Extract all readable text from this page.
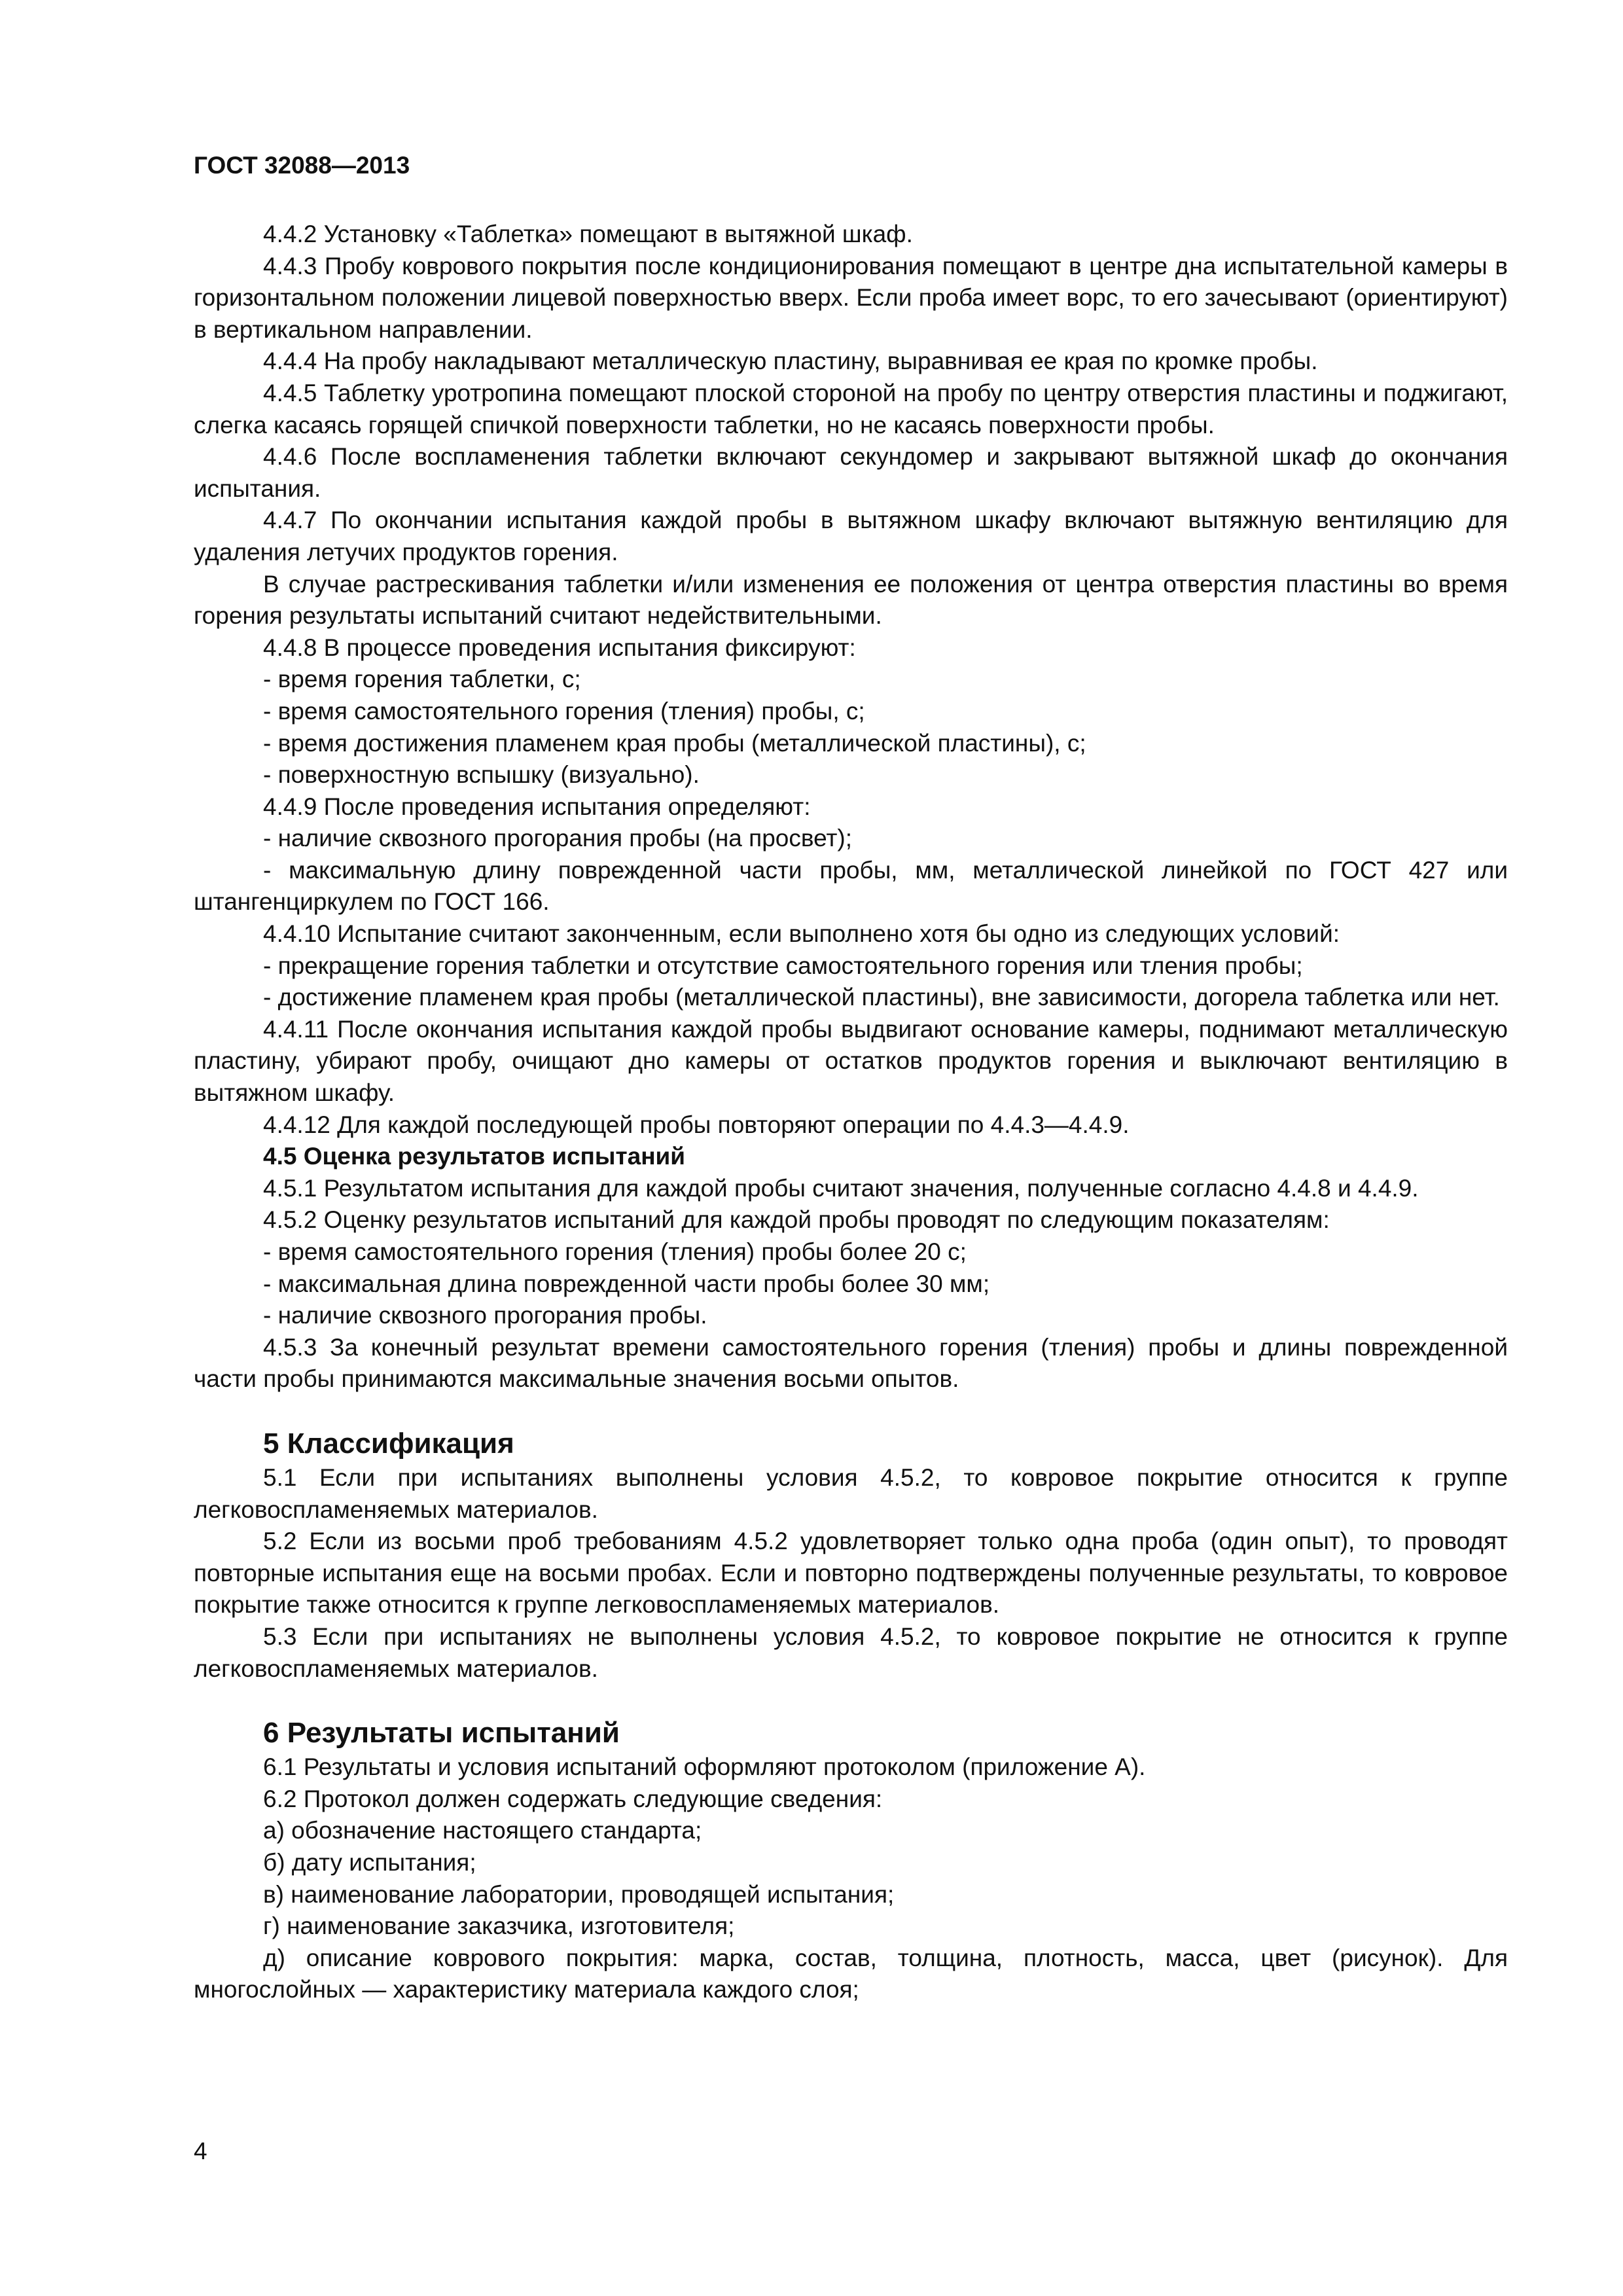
ГОСТ 32088—2013

4.4.2 Установку «Таблетка» помещают в вытяжной шкаф.

4.4.3 Пробу коврового покрытия после кондиционирования помещают в центре дна испытательной камеры в горизонтальном положении лицевой поверхностью вверх. Если проба имеет ворс, то его зачесывают (ориентируют) в вертикальном направлении.

4.4.4 На пробу накладывают металлическую пластину, выравнивая ее края по кромке пробы.

4.4.5 Таблетку уротропина помещают плоской стороной на пробу по центру отверстия пластины и поджигают, слегка касаясь горящей спичкой поверхности таблетки, но не касаясь поверхности пробы.

4.4.6 После воспламенения таблетки включают секундомер и закрывают вытяжной шкаф до окончания испытания.

4.4.7 По окончании испытания каждой пробы в вытяжном шкафу включают вытяжную вентиляцию для удаления летучих продуктов горения.

В случае растрескивания таблетки и/или изменения ее положения от центра отверстия пластины во время горения результаты испытаний считают недействительными.

4.4.8 В процессе проведения испытания фиксируют:

- время горения таблетки, с;

- время самостоятельного горения (тления) пробы, с;

- время достижения пламенем края пробы (металлической пластины), с;

- поверхностную вспышку (визуально).

4.4.9 После проведения испытания определяют:

- наличие сквозного прогорания пробы (на просвет);

- максимальную длину поврежденной части пробы, мм, металлической линейкой по ГОСТ 427 или штангенциркулем по ГОСТ 166.

4.4.10 Испытание считают законченным, если выполнено хотя бы одно из следующих условий:

- прекращение горения таблетки и отсутствие самостоятельного горения или тления пробы;

- достижение пламенем края пробы (металлической пластины), вне зависимости, догорела таблетка или нет.

4.4.11 После окончания испытания каждой пробы выдвигают основание камеры, поднимают металлическую пластину, убирают пробу, очищают дно камеры от остатков продуктов горения и выключают вентиляцию в вытяжном шкафу.

4.4.12 Для каждой последующей пробы повторяют операции по 4.4.3—4.4.9.

4.5 Оценка результатов испытаний

4.5.1 Результатом испытания для каждой пробы считают значения, полученные согласно 4.4.8 и 4.4.9.

4.5.2 Оценку результатов испытаний для каждой пробы проводят по следующим показателям:

- время самостоятельного горения (тления) пробы более 20 с;

- максимальная длина поврежденной части пробы более 30 мм;

- наличие сквозного прогорания пробы.

4.5.3 За конечный результат времени самостоятельного горения (тления) пробы и длины поврежденной части пробы принимаются максимальные значения восьми опытов.

5 Классификация

5.1 Если при испытаниях выполнены условия 4.5.2, то ковровое покрытие относится к группе легковоспламеняемых материалов.

5.2 Если из восьми проб требованиям 4.5.2 удовлетворяет только одна проба (один опыт), то проводят повторные испытания еще на восьми пробах. Если и повторно подтверждены полученные результаты, то ковровое покрытие также относится к группе легковоспламеняемых материалов.

5.3 Если при испытаниях не выполнены условия 4.5.2, то ковровое покрытие не относится к группе легковоспламеняемых материалов.

6 Результаты испытаний

6.1 Результаты и условия испытаний оформляют протоколом (приложение А).

6.2 Протокол должен содержать следующие сведения:

а) обозначение настоящего стандарта;

б) дату испытания;

в) наименование лаборатории, проводящей испытания;

г) наименование заказчика, изготовителя;

д) описание коврового покрытия: марка, состав, толщина, плотность, масса, цвет (рисунок). Для многослойных — характеристику материала каждого слоя;

4
